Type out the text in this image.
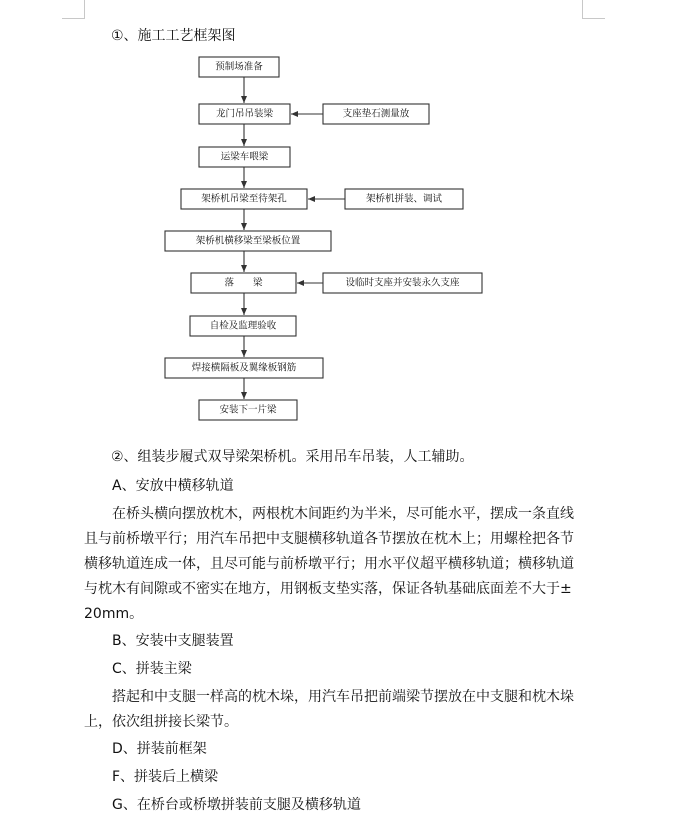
①、施工工艺框架图
预制场准备
龙门吊吊装梁
运梁车喂梁
架桥机吊梁至待架孔
架桥机横移梁至梁板位置
落　　梁
自检及监理验收
焊接横隔板及翼缘板钢筋
安装下一片梁
支座垫石测量放
架桥机拼装、调试
设临时支座并安装永久支座
②、组装步履式双导梁架桥机。采用吊车吊装，人工辅助。
A、安放中横移轨道

在桥头横向摆放枕木，两根枕木间距约为半米，尽可能水平，摆成一条直线

且与前桥墩平行；用汽车吊把中支腿横移轨道各节摆放在枕木上；用螺栓把各节

横移轨道连成一体，且尽可能与前桥墩平行；用水平仪超平横移轨道；横移轨道

与枕木有间隙或不密实在地方，用钢板支垫实落，保证各轨基础底面差不大于±

20mm。

B、安装中支腿装置
C、拼装主梁

搭起和中支腿一样高的枕木垛，用汽车吊把前端梁节摆放在中支腿和枕木垛

上，依次组拼接长梁节。

D、拼装前框架
F、拼装后上横梁
G、在桥台或桥墩拼装前支腿及横移轨道
